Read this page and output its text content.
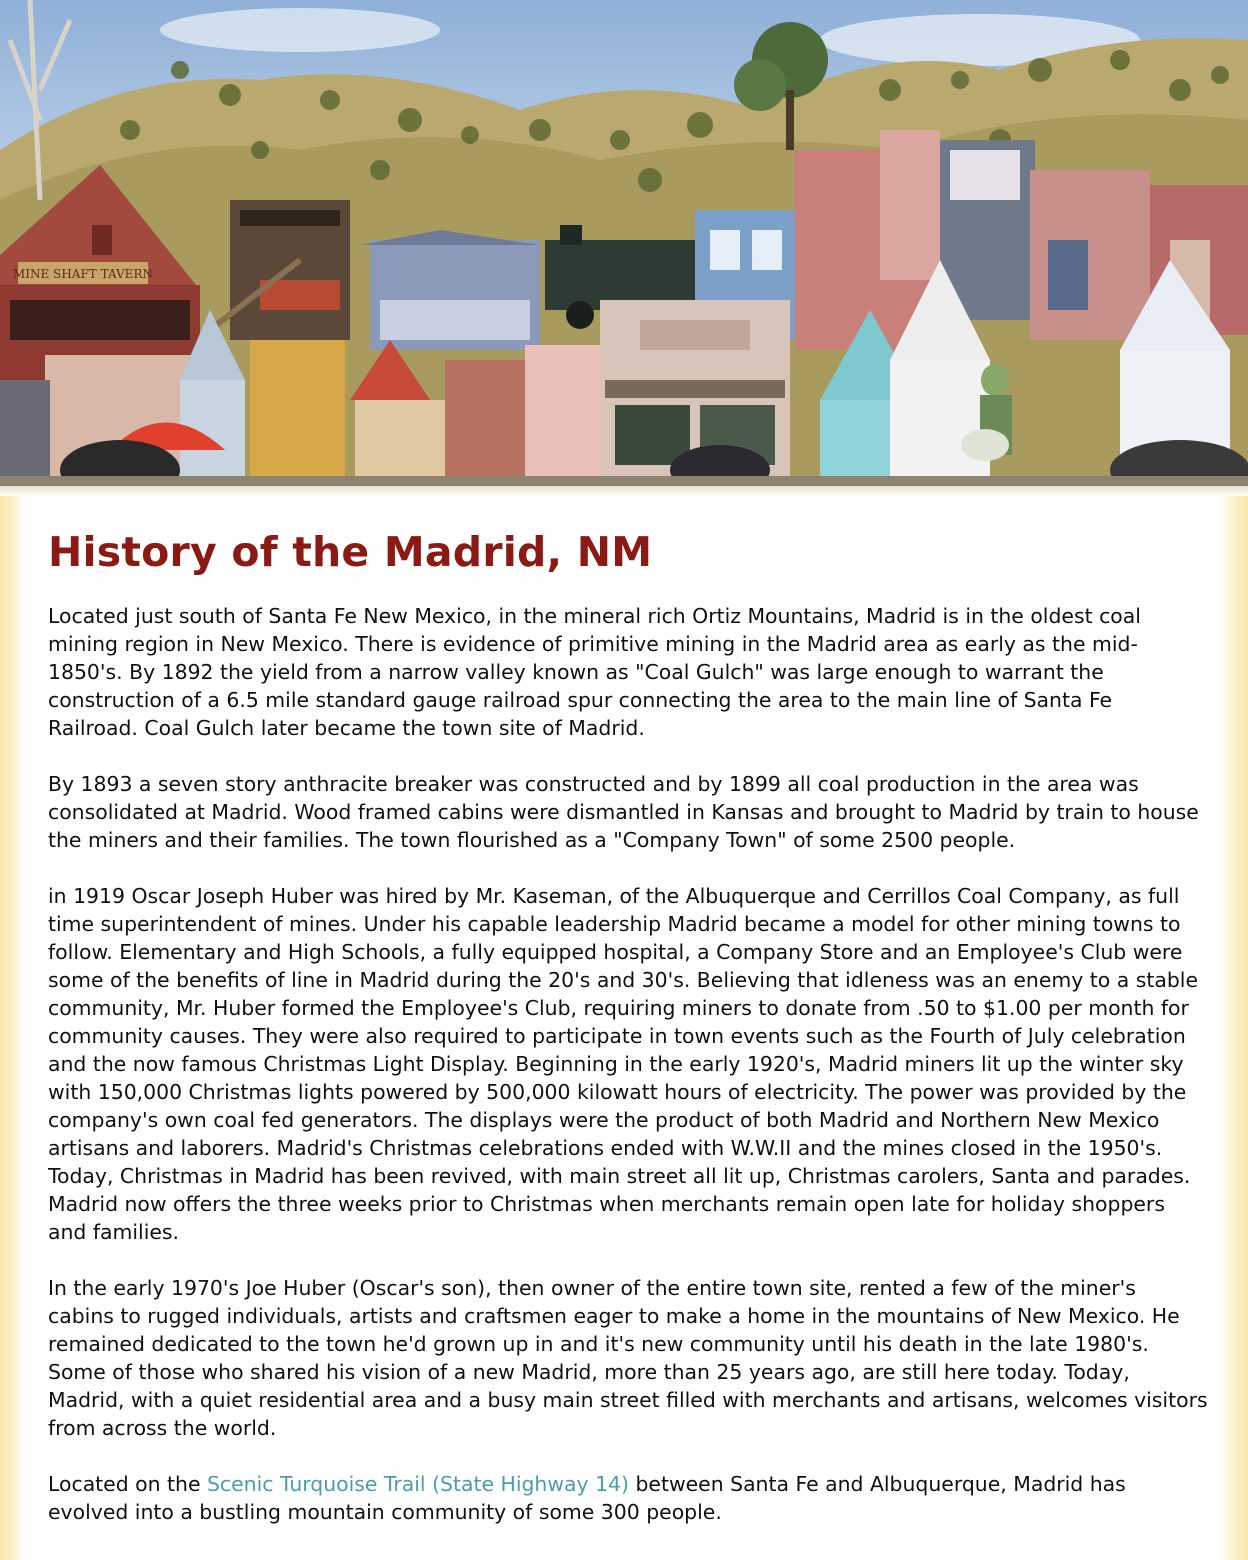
MINE SHAFT TAVERN
History of the Madrid, NM

Located just south of Santa Fe New Mexico, in the mineral rich Ortiz Mountains, Madrid is in the oldest coal mining region in New Mexico. There is evidence of primitive mining in the Madrid area as early as the mid-1850's. By 1892 the yield from a narrow valley known as "Coal Gulch" was large enough to warrant the construction of a 6.5 mile standard gauge railroad spur connecting the area to the main line of Santa Fe Railroad. Coal Gulch later became the town site of Madrid.

By 1893 a seven story anthracite breaker was constructed and by 1899 all coal production in the area was consolidated at Madrid. Wood framed cabins were dismantled in Kansas and brought to Madrid by train to house the miners and their families. The town flourished as a "Company Town" of some 2500 people.

in 1919 Oscar Joseph Huber was hired by Mr. Kaseman, of the Albuquerque and Cerrillos Coal Company, as full time superintendent of mines. Under his capable leadership Madrid became a model for other mining towns to follow. Elementary and High Schools, a fully equipped hospital, a Company Store and an Employee's Club were some of the benefits of line in Madrid during the 20's and 30's. Believing that idleness was an enemy to a stable community, Mr. Huber formed the Employee's Club, requiring miners to donate from .50 to $1.00 per month for community causes. They were also required to participate in town events such as the Fourth of July celebration and the now famous Christmas Light Display. Beginning in the early 1920's, Madrid miners lit up the winter sky with 150,000 Christmas lights powered by 500,000 kilowatt hours of electricity. The power was provided by the company's own coal fed generators. The displays were the product of both Madrid and Northern New Mexico artisans and laborers. Madrid's Christmas celebrations ended with W.W.II and the mines closed in the 1950's. Today, Christmas in Madrid has been revived, with main street all lit up, Christmas carolers, Santa and parades. Madrid now offers the three weeks prior to Christmas when merchants remain open late for holiday shoppers and families.

In the early 1970's Joe Huber (Oscar's son), then owner of the entire town site, rented a few of the miner's cabins to rugged individuals, artists and craftsmen eager to make a home in the mountains of New Mexico. He remained dedicated to the town he'd grown up in and it's new community until his death in the late 1980's. Some of those who shared his vision of a new Madrid, more than 25 years ago, are still here today. Today, Madrid, with a quiet residential area and a busy main street filled with merchants and artisans, welcomes visitors from across the world.

Located on the Scenic Turquoise Trail (State Highway 14) between Santa Fe and Albuquerque, Madrid has evolved into a bustling mountain community of some 300 people.
